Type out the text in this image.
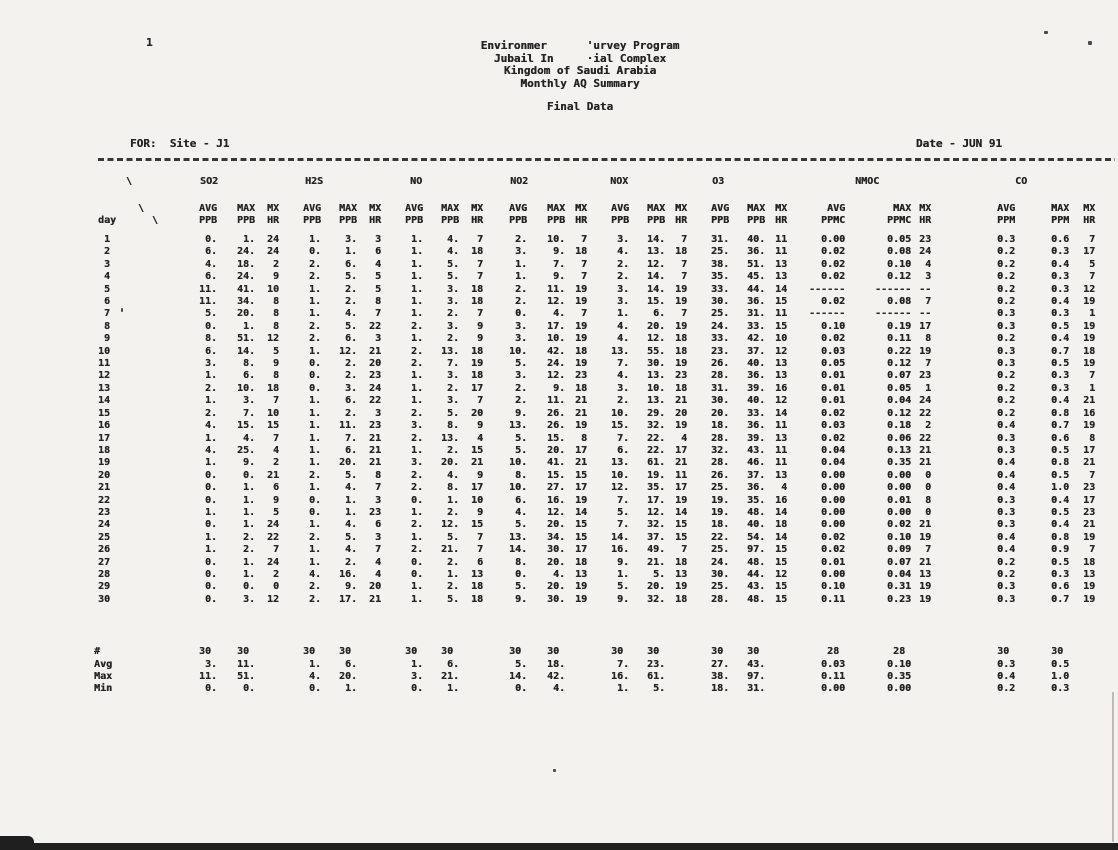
1	Environmer      'urvey Program
Jubail In     ·ial Complex
Kingdom of Saudi Arabia
Monthly AQ Summary
Final Data
FOR:  Site - J1	Date - JUN 91
	\	SO2			H2S			NO			NO2			NOX			O3			NMOC			CO		
	\	AVG	MAX	MX	AVG	MAX	MX	AVG	MAX	MX	AVG	MAX	MX	AVG	MAX	MX	AVG	MAX	MX	AVG	MAX	MX	AVG	MAX	MX
day	\	PPB	PPB	HR	PPB	PPB	HR	PPB	PPB	HR	PPB	PPB	HR	PPB	PPB	HR	PPB	PPB	HR	PPMC	PPMC	HR	PPM	PPM	HR
1		0.	1.	24	1.	3.	3	1.	4.	7	2.	10.	7	3.	14.	7	31.	40.	11	0.00	0.05	23	0.3	0.6	7
2		6.	24.	24	0.	1.	6	1.	4.	18	3.	9.	18	4.	13.	18	25.	36.	11	0.02	0.08	24	0.2	0.3	17
3		4.	18.	2	2.	6.	4	1.	5.	7	1.	7.	7	2.	12.	7	38.	51.	13	0.02	0.10	4	0.2	0.4	5
4		6.	24.	9	2.	5.	5	1.	5.	7	1.	9.	7	2.	14.	7	35.	45.	13	0.02	0.12	3	0.2	0.3	7
5		11.	41.	10	1.	2.	5	1.	3.	18	2.	11.	19	3.	14.	19	33.	44.	14	------	------	--	0.2	0.3	12
6		11.	34.	8	1.	2.	8	1.	3.	18	2.	12.	19	3.	15.	19	30.	36.	15	0.02	0.08	7	0.2	0.4	19
7		5.	20.	8	1.	4.	7	1.	2.	7	0.	4.	7	1.	6.	7	25.	31.	11	------	------	--	0.3	0.3	1
8		0.	1.	8	2.	5.	22	2.	3.	9	3.	17.	19	4.	20.	19	24.	33.	15	0.10	0.19	17	0.3	0.5	19
9		8.	51.	12	2.	6.	3	1.	2.	9	3.	10.	19	4.	12.	18	33.	42.	10	0.02	0.11	8	0.2	0.4	19
10		6.	14.	5	1.	12.	21	2.	13.	18	10.	42.	18	13.	55.	18	23.	37.	12	0.03	0.22	19	0.3	0.7	18
11		3.	8.	9	0.	2.	20	2.	7.	19	5.	24.	19	7.	30.	19	26.	40.	13	0.05	0.12	7	0.3	0.5	19
12		1.	6.	8	0.	2.	23	1.	3.	18	3.	12.	23	4.	13.	23	28.	36.	13	0.01	0.07	23	0.2	0.3	7
13		2.	10.	18	0.	3.	24	1.	2.	17	2.	9.	18	3.	10.	18	31.	39.	16	0.01	0.05	1	0.2	0.3	1
14		1.	3.	7	1.	6.	22	1.	3.	7	2.	11.	21	2.	13.	21	30.	40.	12	0.01	0.04	24	0.2	0.4	21
15		2.	7.	10	1.	2.	3	2.	5.	20	9.	26.	21	10.	29.	20	20.	33.	14	0.02	0.12	22	0.2	0.8	16
16		4.	15.	15	1.	11.	23	3.	8.	9	13.	26.	19	15.	32.	19	18.	36.	11	0.03	0.18	2	0.4	0.7	19
17		1.	4.	7	1.	7.	21	2.	13.	4	5.	15.	8	7.	22.	4	28.	39.	13	0.02	0.06	22	0.3	0.6	8
18		4.	25.	4	1.	6.	21	1.	2.	15	5.	20.	17	6.	22.	17	32.	43.	11	0.04	0.13	21	0.3	0.5	17
19		1.	9.	2	1.	20.	21	3.	20.	21	10.	41.	21	13.	61.	21	28.	46.	11	0.04	0.35	21	0.4	0.8	21
20		0.	0.	21	2.	5.	8	2.	4.	9	8.	15.	15	10.	19.	11	26.	37.	13	0.00	0.00	0	0.4	0.5	7
21		0.	1.	6	1.	4.	7	2.	8.	17	10.	27.	17	12.	35.	17	25.	36.	4	0.00	0.00	0	0.4	1.0	23
22		0.	1.	9	0.	1.	3	0.	1.	10	6.	16.	19	7.	17.	19	19.	35.	16	0.00	0.01	8	0.3	0.4	17
23		1.	1.	5	0.	1.	23	1.	2.	9	4.	12.	14	5.	12.	14	19.	48.	14	0.00	0.00	0	0.3	0.5	23
24		0.	1.	24	1.	4.	6	2.	12.	15	5.	20.	15	7.	32.	15	18.	40.	18	0.00	0.02	21	0.3	0.4	21
25		1.	2.	22	2.	5.	3	1.	5.	7	13.	34.	15	14.	37.	15	22.	54.	14	0.02	0.10	19	0.4	0.8	19
26		1.	2.	7	1.	4.	7	2.	21.	7	14.	30.	17	16.	49.	7	25.	97.	15	0.02	0.09	7	0.4	0.9	7
27		0.	1.	24	1.	2.	4	0.	2.	6	8.	20.	18	9.	21.	18	24.	48.	15	0.01	0.07	21	0.2	0.5	18
28		0.	1.	2	4.	16.	4	0.	1.	13	0.	4.	13	1.	5.	13	30.	44.	12	0.00	0.04	13	0.2	0.3	13
29		0.	0.	0	2.	9.	20	1.	2.	18	5.	20.	19	5.	20.	19	25.	43.	15	0.10	0.31	19	0.3	0.6	19
30		0.	3.	12	2.	17.	21	1.	5.	18	9.	30.	19	9.	32.	18	28.	48.	15	0.11	0.23	19	0.3	0.7	19

#		30	30		30	30		30	30		30	30		30	30		30	30		28	28		30	30	
Avg		3.	11.		1.	6.		1.	6.		5.	18.		7.	23.		27.	43.		0.03	0.10		0.3	0.5	
Max		11.	51.		4.	20.		3.	21.		14.	42.		16.	61.		38.	97.		0.11	0.35		0.4	1.0	
Min		0.	0.		0.	1.		0.	1.		0.	4.		1.	5.		18.	31.		0.00	0.00		0.2	0.3	
